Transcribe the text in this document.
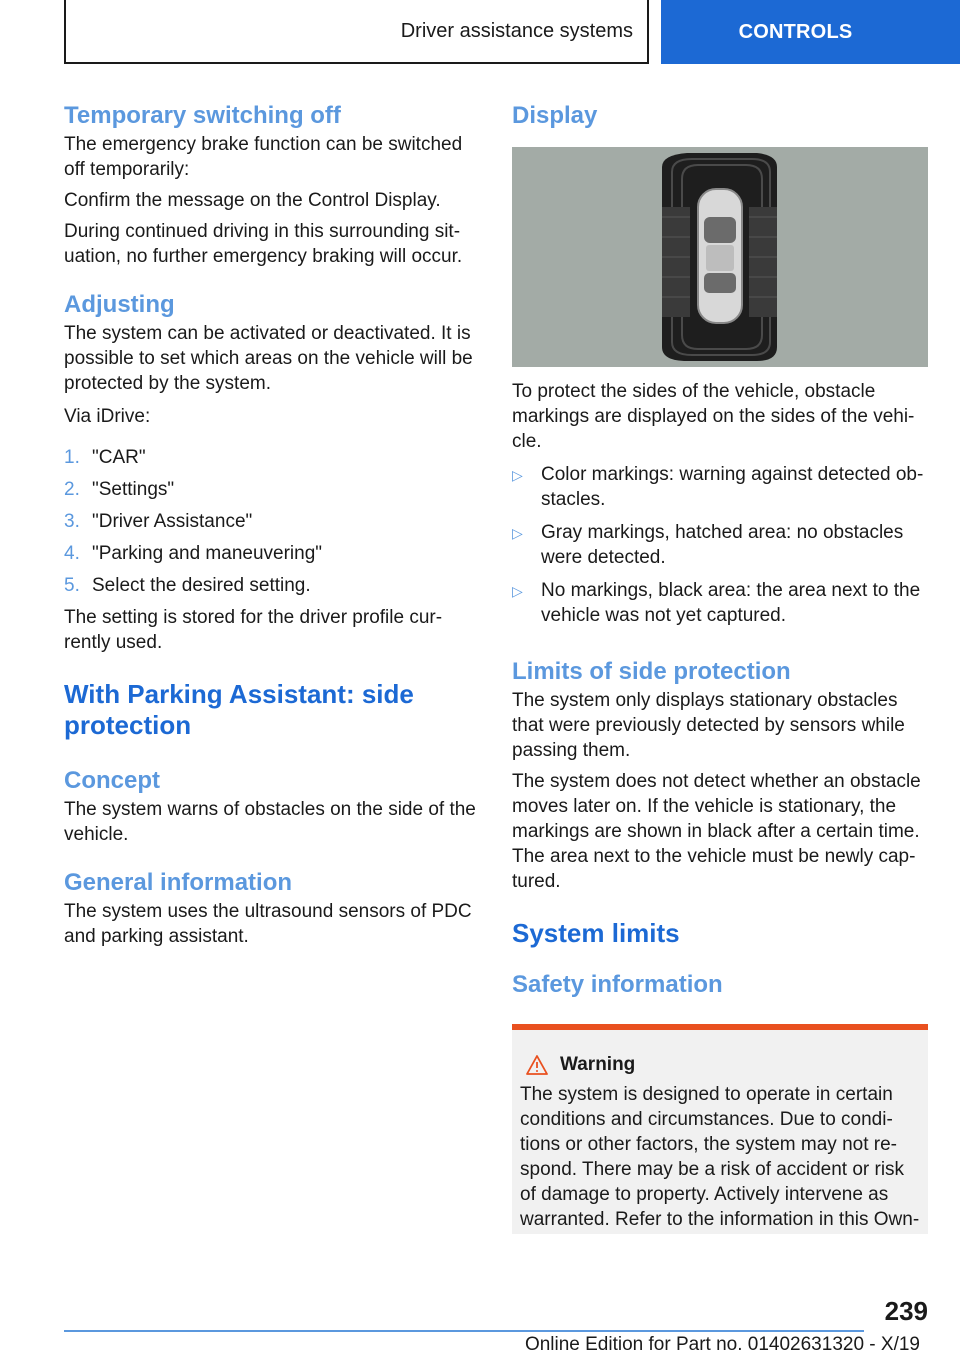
Driver assistance systems	CONTROLS
Temporary switching off

The emergency brake function can be switched off temporarily:

Confirm the message on the Control Display.

During continued driving in this surrounding sit-uation, no further emergency braking will occur.

Adjusting

The system can be activated or deactivated. It is possible to set which areas on the vehicle will be protected by the system.

Via iDrive:

1. "CAR"
2. "Settings"
3. "Driver Assistance"
4. "Parking and maneuvering"
5. Select the desired setting.

The setting is stored for the driver profile cur-rently used.

With Parking Assistant: side protection
Concept

The system warns of obstacles on the side of the vehicle.

General information

The system uses the ultrasound sensors of PDC and parking assistant.

Display

To protect the sides of the vehicle, obstacle markings are displayed on the sides of the vehi-cle.

▷ Color markings: warning against detected ob-stacles.
▷ Gray markings, hatched area: no obstacles were detected.
▷ No markings, black area: the area next to the vehicle was not yet captured.
Limits of side protection

The system only displays stationary obstacles that were previously detected by sensors while passing them.

The system does not detect whether an obstacle moves later on. If the vehicle is stationary, the markings are shown in black after a certain time. The area next to the vehicle must be newly cap-tured.

System limits
Safety information
Warning

The system is designed to operate in certain conditions and circumstances. Due to condi-tions or other factors, the system may not re-spond. There may be a risk of accident or risk of damage to property. Actively intervene as warranted. Refer to the information in this Own-

239
Online Edition for Part no. 01402631320 - X/19
